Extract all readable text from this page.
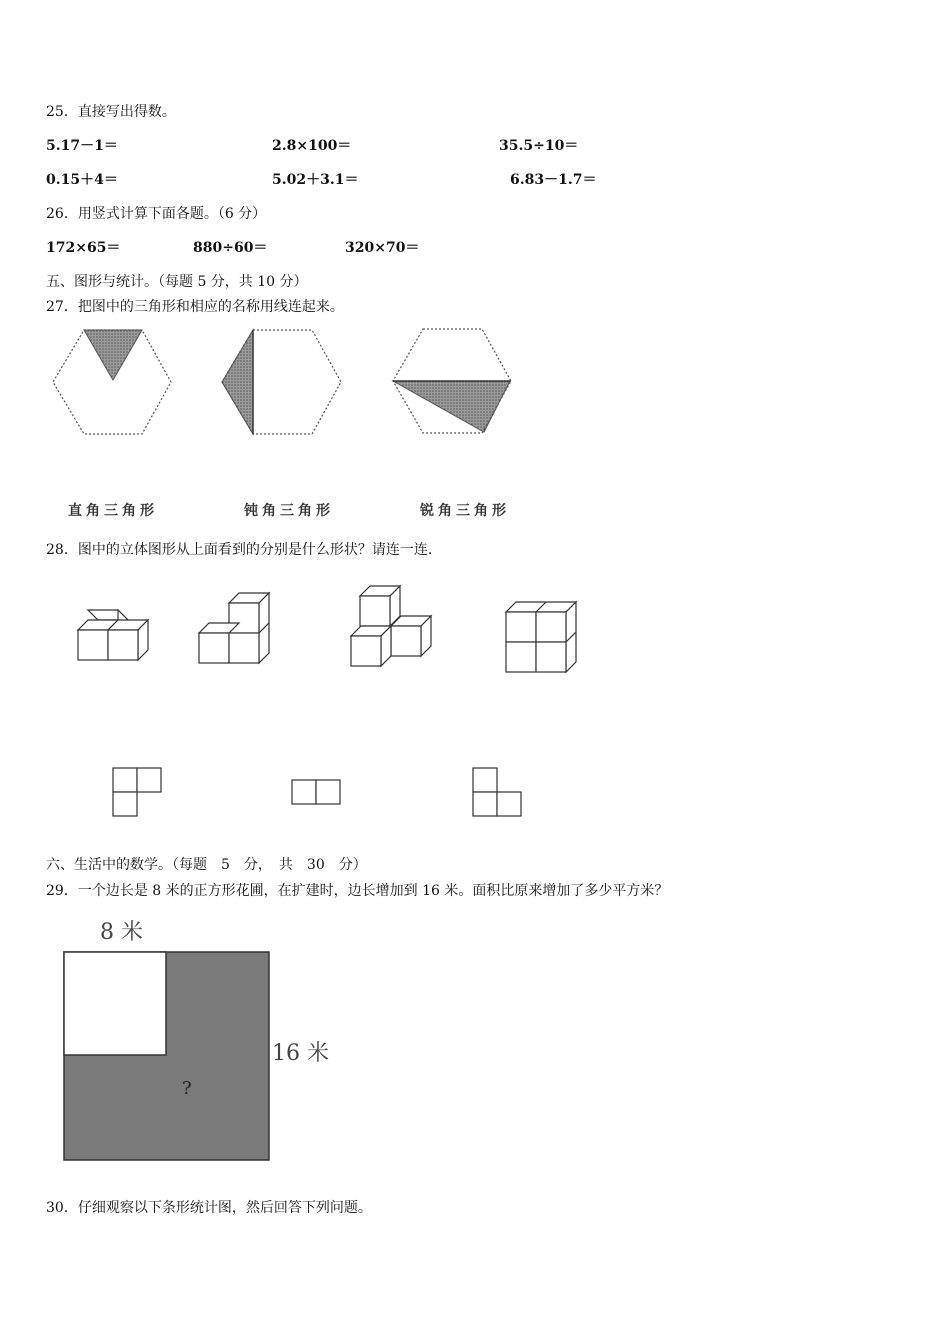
25．直接写出得数。
5.17－1＝	2.8×100＝	35.5÷10＝
0.15＋4＝	5.02＋3.1＝	6.83－1.7＝
26．用竖式计算下面各题。（6 分）
172×65＝	880÷60＝	320×70＝
五、图形与统计。（每题 5 分，共 10 分）
27．把图中的三角形和相应的名称用线连起来。
直角三角形	钝角三角形	锐角三角形
28．图中的立体图形从上面看到的分别是什么形状？请连一连.
六、生活中的数学。（每题　5　分，　共　30　分）
29．一个边长是 8 米的正方形花圃，在扩建时，边长增加到 16 米。面积比原来增加了多少平方米？
8 米
16 米
?
30．仔细观察以下条形统计图，然后回答下列问题。
